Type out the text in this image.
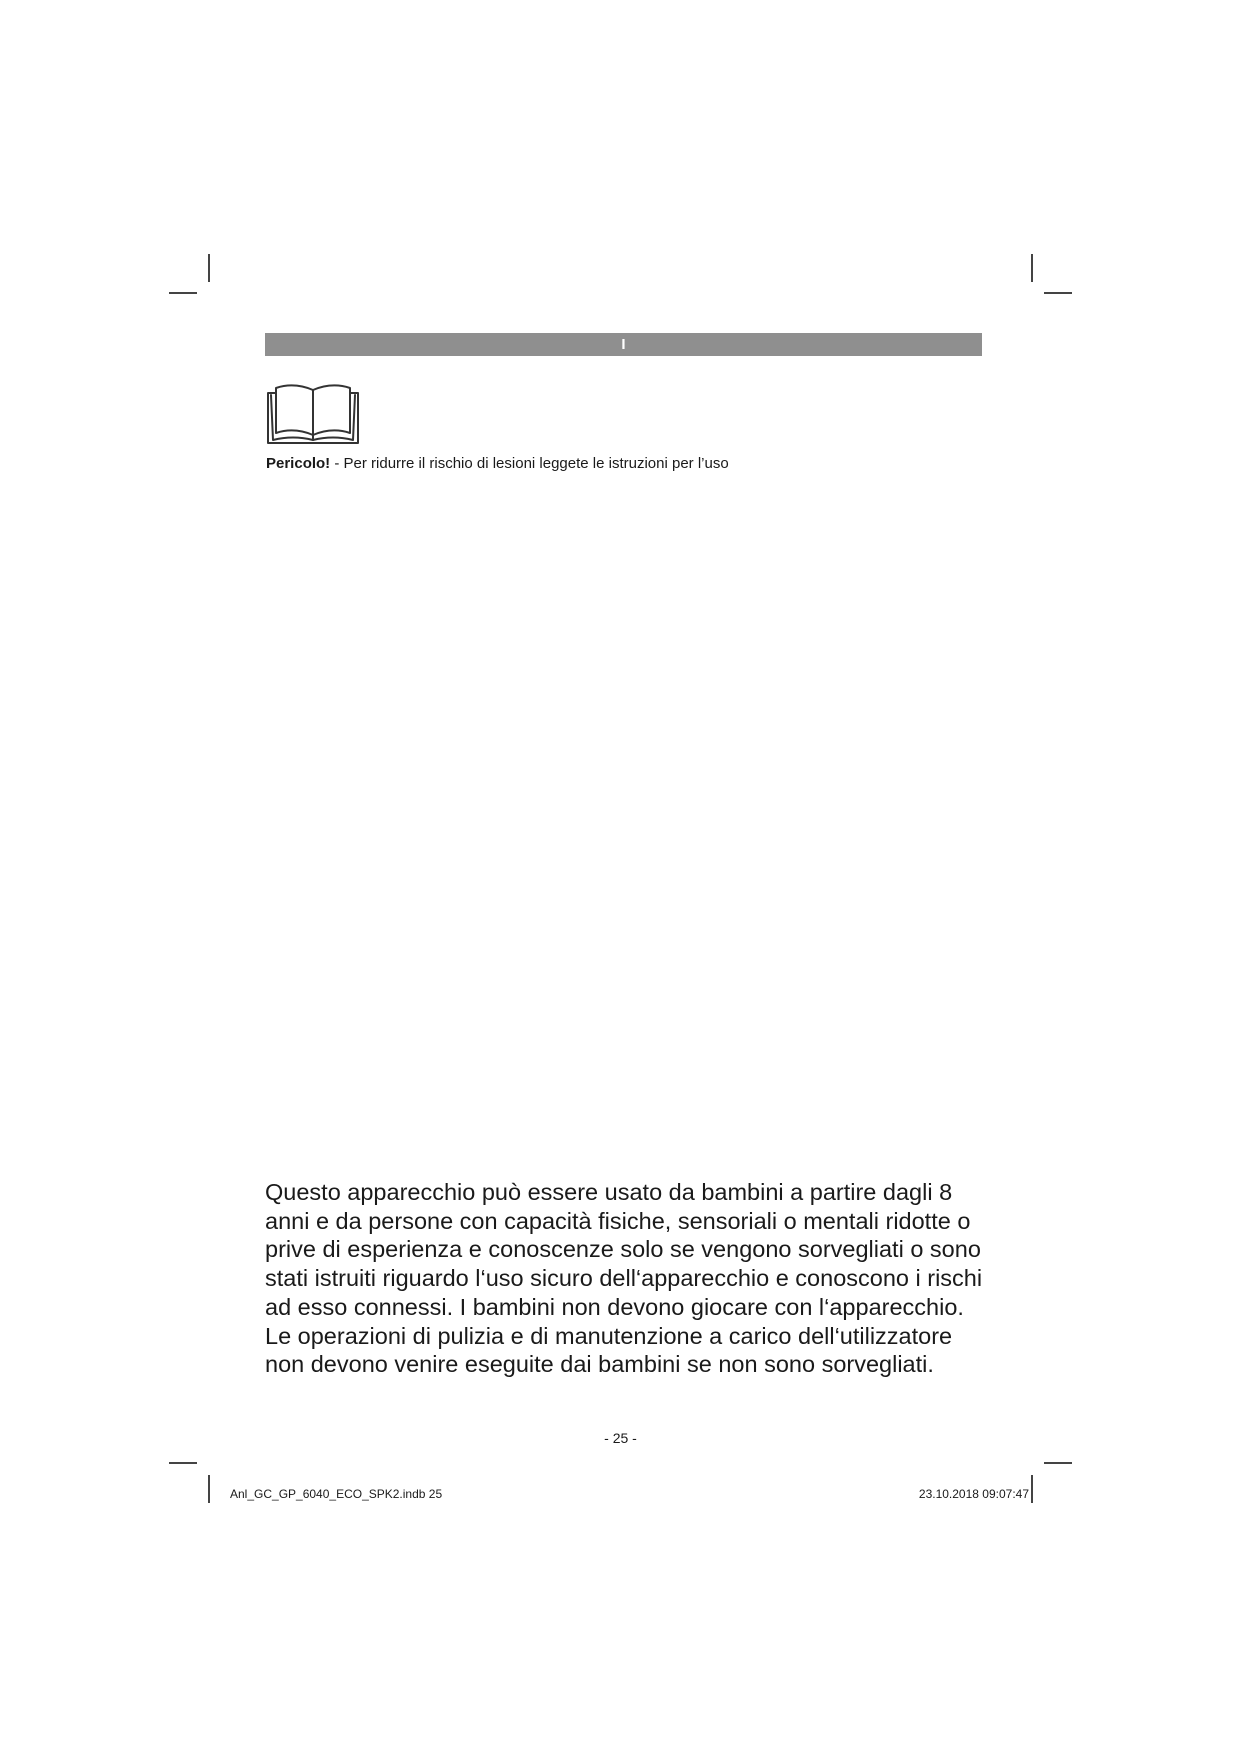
I
Pericolo! - Per ridurre il rischio di lesioni leggete le istruzioni per l’uso
Questo apparecchio può essere usato da bambini a partire dagli 8
anni e da persone con capacità fisiche, sensoriali o mentali ridotte o
prive di esperienza e conoscenze solo se vengono sorvegliati o sono
stati istruiti riguardo l‘uso sicuro dell‘apparecchio e conoscono i rischi
ad esso connessi. I bambini non devono giocare con l‘apparecchio.
Le operazioni di pulizia e di manutenzione a carico dell‘utilizzatore
non devono venire eseguite dai bambini se non sono sorvegliati.
- 25 -
Anl_GC_GP_6040_ECO_SPK2.indb 25	23.10.2018 09:07:47
